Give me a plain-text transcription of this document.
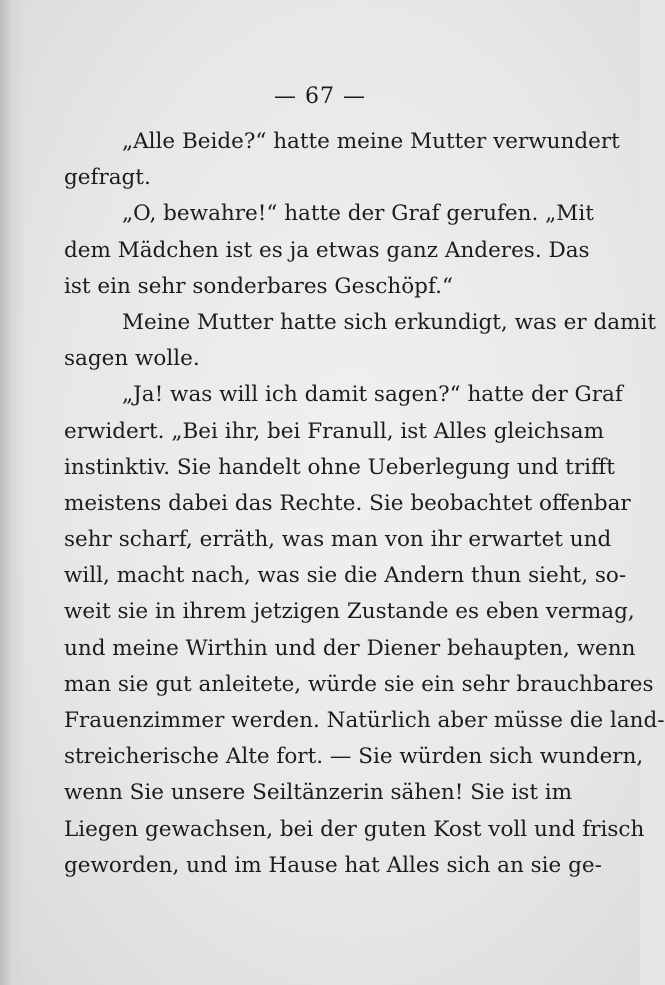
— 67 —
„Alle Beide?“ hatte meine Mutter verwundert
gefragt.
„O, bewahre!“ hatte der Graf gerufen. „Mit
dem Mädchen ist es ja etwas ganz Anderes. Das
ist ein sehr sonderbares Geschöpf.“
Meine Mutter hatte sich erkundigt, was er damit
sagen wolle.
„Ja! was will ich damit sagen?“ hatte der Graf
erwidert. „Bei ihr, bei Franull, ist Alles gleichsam
instinktiv. Sie handelt ohne Ueberlegung und trifft
meistens dabei das Rechte. Sie beobachtet offenbar
sehr scharf, erräth, was man von ihr erwartet und
will, macht nach, was sie die Andern thun sieht, so-
weit sie in ihrem jetzigen Zustande es eben vermag,
und meine Wirthin und der Diener behaupten, wenn
man sie gut anleitete, würde sie ein sehr brauchbares
Frauenzimmer werden. Natürlich aber müsse die land-
streicherische Alte fort. — Sie würden sich wundern,
wenn Sie unsere Seiltänzerin sähen! Sie ist im
Liegen gewachsen, bei der guten Kost voll und frisch
geworden, und im Hause hat Alles sich an sie ge-
